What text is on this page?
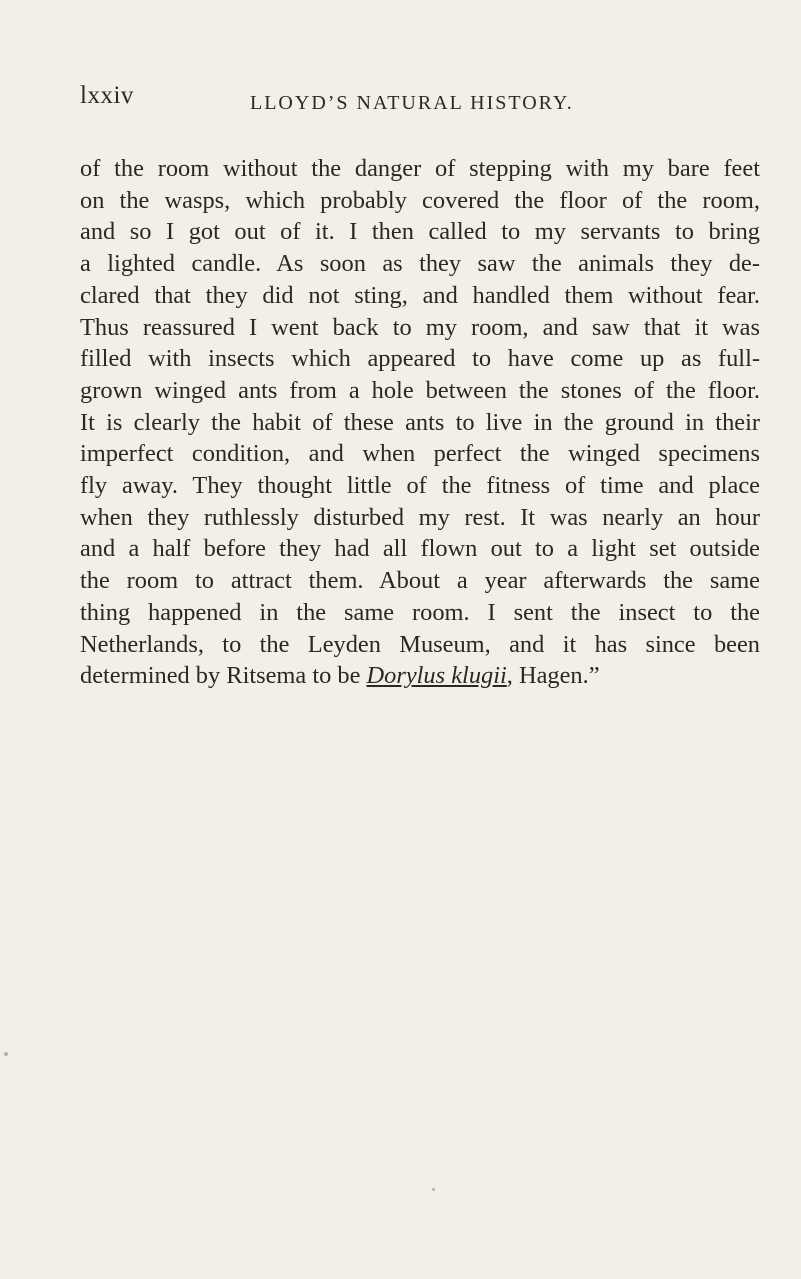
lxxiv	LLOYD’S NATURAL HISTORY.
of the room without the danger of stepping with my bare feet
on the wasps, which probably covered the floor of the room,
and so I got out of it. I then called to my servants to bring
a lighted candle. As soon as they saw the animals they de-
clared that they did not sting, and handled them without fear.
Thus reassured I went back to my room, and saw that it was
filled with insects which appeared to have come up as full-
grown winged ants from a hole between the stones of the floor.
It is clearly the habit of these ants to live in the ground in their
imperfect condition, and when perfect the winged specimens
fly away. They thought little of the fitness of time and place
when they ruthlessly disturbed my rest. It was nearly an hour
and a half before they had all flown out to a light set outside
the room to attract them. About a year afterwards the same
thing happened in the same room. I sent the insect to the
Netherlands, to the Leyden Museum, and it has since been
determined by Ritsema to be Dorylus klugii, Hagen.”
